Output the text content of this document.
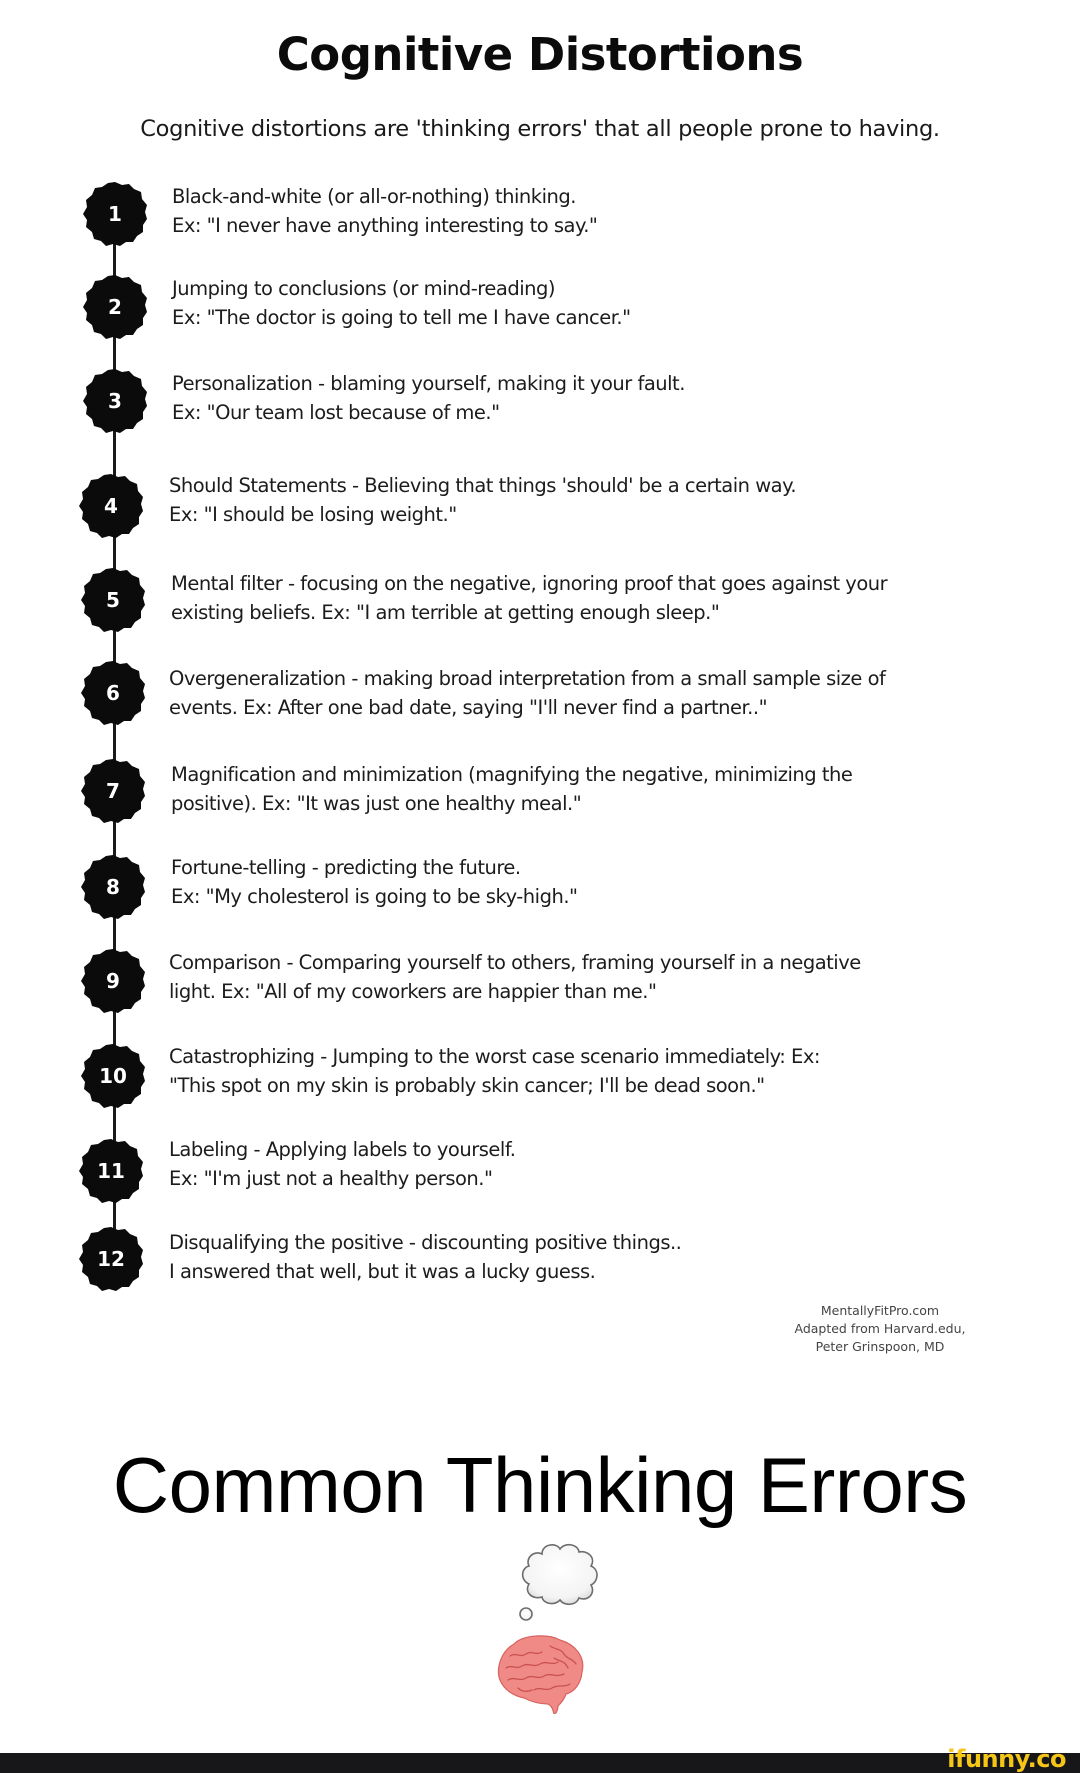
Cognitive Distortions
Cognitive distortions are 'thinking errors' that all people prone to having.
1
Black-and-white (or all-or-nothing) thinking.
Ex: "I never have anything interesting to say."
2
Jumping to conclusions (or mind-reading)
Ex: "The doctor is going to tell me I have cancer."
3
Personalization - blaming yourself, making it your fault.
Ex: "Our team lost because of me."
4
Should Statements - Believing that things 'should' be a certain way.
Ex: "I should be losing weight."
5
Mental filter - focusing on the negative, ignoring proof that goes against your
existing beliefs. Ex: "I am terrible at getting enough sleep."
6
Overgeneralization - making broad interpretation from a small sample size of
events. Ex: After one bad date, saying "I'll never find a partner.."
7
Magnification and minimization (magnifying the negative, minimizing the
positive). Ex: "It was just one healthy meal."
8
Fortune-telling - predicting the future.
Ex: "My cholesterol is going to be sky-high."
9
Comparison - Comparing yourself to others, framing yourself in a negative
light. Ex: "All of my coworkers are happier than me."
10
Catastrophizing - Jumping to the worst case scenario immediately: Ex:
"This spot on my skin is probably skin cancer; I'll be dead soon."
11
Labeling - Applying labels to yourself.
Ex: "I'm just not a healthy person."
12
Disqualifying the positive - discounting positive things..
I answered that well, but it was a lucky guess.
MentallyFitPro.com
Adapted from Harvard.edu,
Peter Grinspoon, MD
Common Thinking Errors
ifunny.co
